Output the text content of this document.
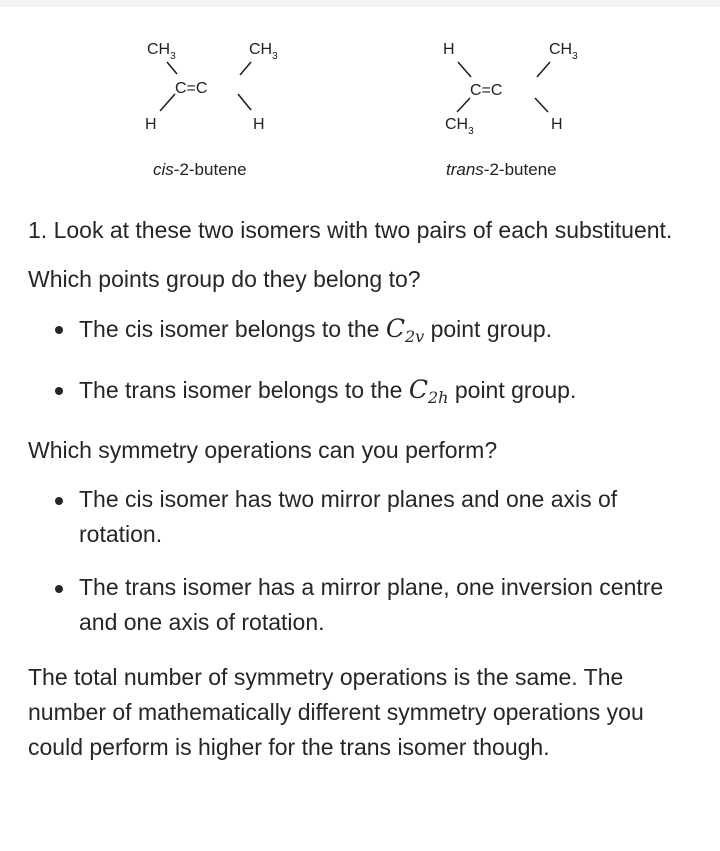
$CH_3$	$CH_3$
C=C
H	H
H	$CH_3$
C=C
$CH_3$	H
cis-2-butene	trans-2-butene

1. Look at these two isomers with two pairs of each substituent.

Which points group do they belong to?

The cis isomer belongs to the $C_{2v}$ point group.
The trans isomer belongs to the $C_{2h}$ point group.

Which symmetry operations can you perform?

The cis isomer has two mirror planes and one axis of rotation.
The trans isomer has a mirror plane, one inversion centre and one axis of rotation.

The total number of symmetry operations is the same. The number of mathematically different symmetry operations you could perform is higher for the trans isomer though.
